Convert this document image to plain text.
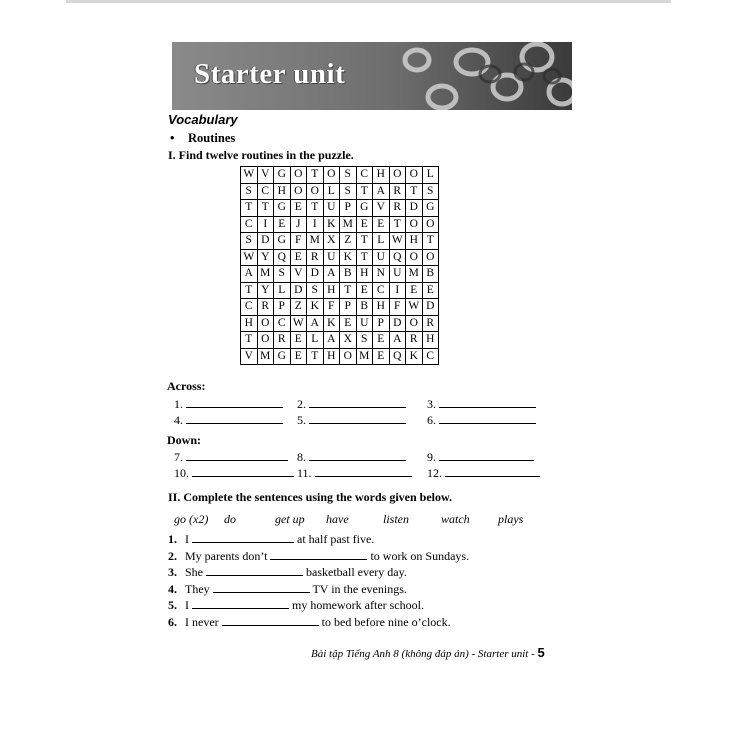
Starter unit
Vocabulary
• Routines
I. Find twelve routines in the puzzle.
W	V	G	O	T	O	S	C	H	O	O	L
S	C	H	O	O	L	S	T	A	R	T	S
T	T	G	E	T	U	P	G	V	R	D	G
C	I	E	J	I	K	M	E	E	T	O	O
S	D	G	F	M	X	Z	T	L	W	H	T
W	Y	Q	E	R	U	K	T	U	Q	O	O
A	M	S	V	D	A	B	H	N	U	M	B
T	Y	L	D	S	H	T	E	C	I	E	E
C	R	P	Z	K	F	P	B	H	F	W	D
H	O	C	W	A	K	E	U	P	D	O	R
T	O	R	E	L	A	X	S	E	A	R	H
V	M	G	E	T	H	O	M	E	Q	K	C
Across:
1.	2.	3.
4.	5.	6.
Down:
7.	8.	9.
10.	11.	12.
II. Complete the sentences using the words given below.
go (x2) do	get up have	listen	watch plays
1. I	at half past five.
2. My parents don’t	to work on Sundays.
3. She	basketball every day.
4. They	TV in the evenings.
5. I	my homework after school.
6. I never	to bed before nine o’clock.
Bài tập Tiếng Anh 8 (không đáp án) - Starter unit - 5
